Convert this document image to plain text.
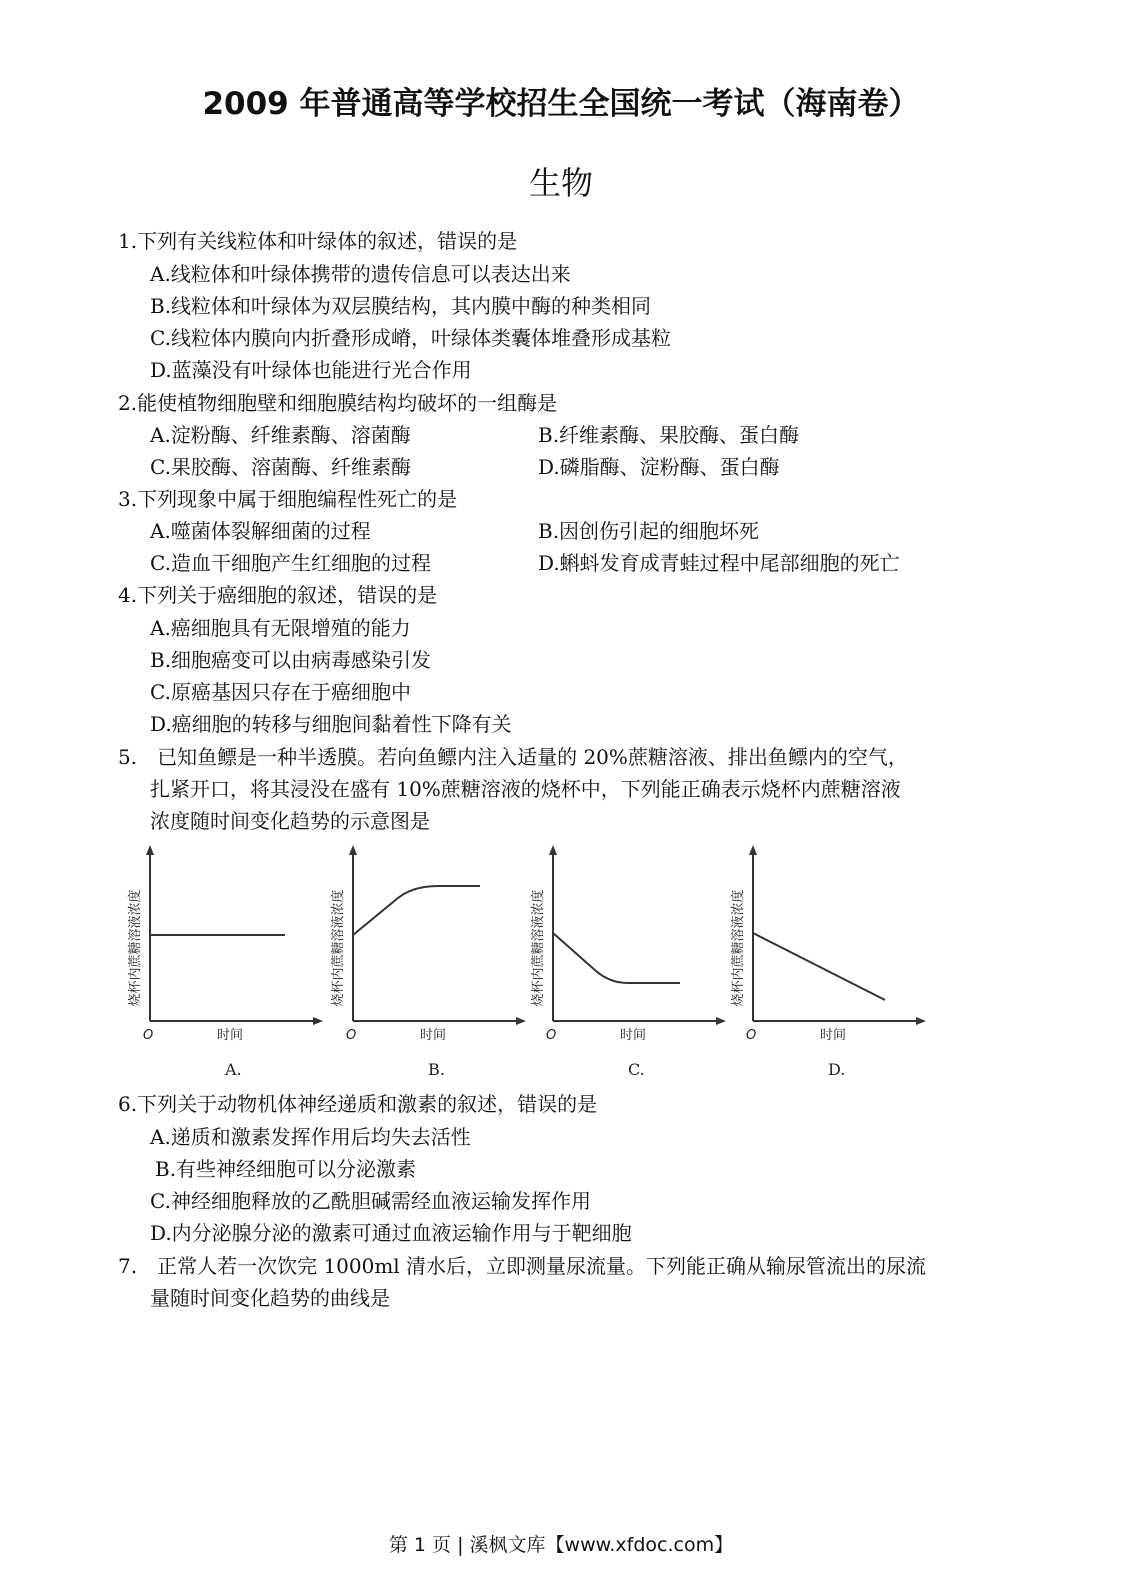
2009 年普通高等学校招生全国统一考试（海南卷）
生物
1.下列有关线粒体和叶绿体的叙述，错误的是
A.线粒体和叶绿体携带的遗传信息可以表达出来
B.线粒体和叶绿体为双层膜结构，其内膜中酶的种类相同
C.线粒体内膜向内折叠形成嵴，叶绿体类囊体堆叠形成基粒
D.蓝藻没有叶绿体也能进行光合作用
2.能使植物细胞壁和细胞膜结构均破坏的一组酶是
A.淀粉酶、纤维素酶、溶菌酶	B.纤维素酶、果胶酶、蛋白酶
C.果胶酶、溶菌酶、纤维素酶	D.磷脂酶、淀粉酶、蛋白酶
3.下列现象中属于细胞编程性死亡的是
A.噬菌体裂解细菌的过程	B.因创伤引起的细胞坏死
C.造血干细胞产生红细胞的过程	D.蝌蚪发育成青蛙过程中尾部细胞的死亡
4.下列关于癌细胞的叙述，错误的是
A.癌细胞具有无限增殖的能力
B.细胞癌变可以由病毒感染引发
C.原癌基因只存在于癌细胞中
D.癌细胞的转移与细胞间黏着性下降有关
5.　已知鱼鳔是一种半透膜。若向鱼鳔内注入适量的 20%蔗糖溶液、排出鱼鳔内的空气，
扎紧开口，将其浸没在盛有 10%蔗糖溶液的烧杯中，下列能正确表示烧杯内蔗糖溶液
浓度随时间变化趋势的示意图是
烧杯内蔗糖溶液浓度
O	时间
A.
烧杯内蔗糖溶液浓度
O	时间
B.
烧杯内蔗糖溶液浓度
O	时间
C.
烧杯内蔗糖溶液浓度
O	时间
D.
6.下列关于动物机体神经递质和激素的叙述，错误的是
A.递质和激素发挥作用后均失去活性
B.有些神经细胞可以分泌激素
C.神经细胞释放的乙酰胆碱需经血液运输发挥作用
D.内分泌腺分泌的激素可通过血液运输作用与于靶细胞
7.　正常人若一次饮完 1000ml 清水后，立即测量尿流量。下列能正确从输尿管流出的尿流
量随时间变化趋势的曲线是
第 1 页 | 溪枫文库【www.xfdoc.com】
